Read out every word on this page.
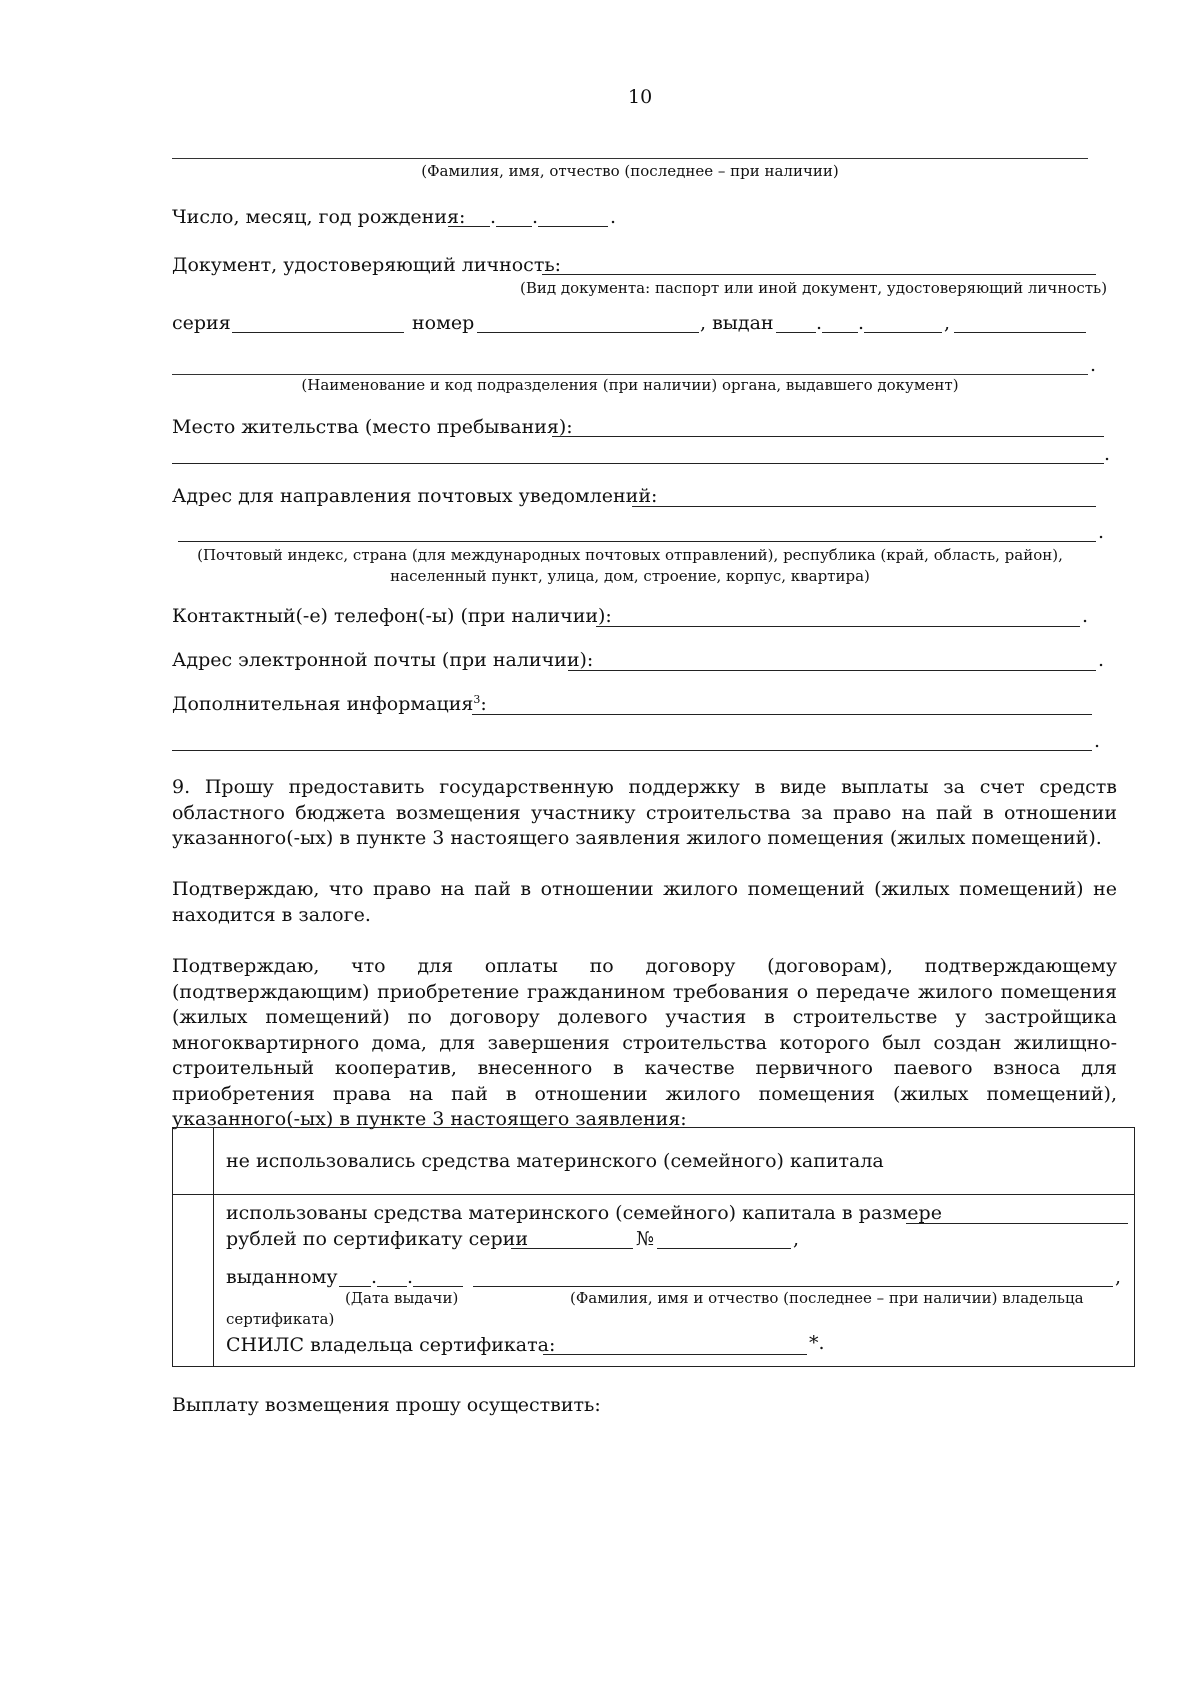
10
(Фамилия, имя, отчество (последнее – при наличии)
Число, месяц, год рождения: . .	.
Документ, удостоверяющий личность:
(Вид документа: паспорт или иной документ, удостоверяющий личность)
серия	номер	, выдан . .	,
.
(Наименование и код подразделения (при наличии) органа, выдавшего документ)
Место жительства (место пребывания):
.
Адрес для направления почтовых уведомлений:
.
(Почтовый индекс, страна (для международных почтовых отправлений), республика (край, область, район),
населенный пункт, улица, дом, строение, корпус, квартира)
Контактный(-е) телефон(-ы) (при наличии):	.
Адрес электронной почты (при наличии):	.
Дополнительная информация$^3$:
.
9. Прошу предоставить государственную поддержку в виде выплаты за счет средств областного бюджета возмещения участнику строительства за право на пай в отношении указанного(-ых) в пункте 3 настоящего заявления жилого помещения (жилых помещений).
Подтверждаю, что право на пай в отношении жилого помещений (жилых помещений) не находится в залоге.
Подтверждаю, что для оплаты по договору (договорам), подтверждающему (подтверждающим) приобретение гражданином требования о передаче жилого помещения (жилых помещений) по договору долевого участия в строительстве у застройщика многоквартирного дома, для завершения строительства которого был создан жилищно-строительный кооператив, внесенного в качестве первичного паевого взноса для приобретения права на пай в отношении жилого помещения (жилых помещений), указанного(-ых) в пункте 3 настоящего заявления:
не использовались средства материнского (семейного) капитала
использованы средства материнского (семейного) капитала в размере
рублей по сертификату серии	№	,
выданному . .	,
(Дата выдачи)	(Фамилия, имя и отчество (последнее – при наличии) владельца
сертификата)
СНИЛС владельца сертификата:	*.
Выплату возмещения прошу осуществить:
